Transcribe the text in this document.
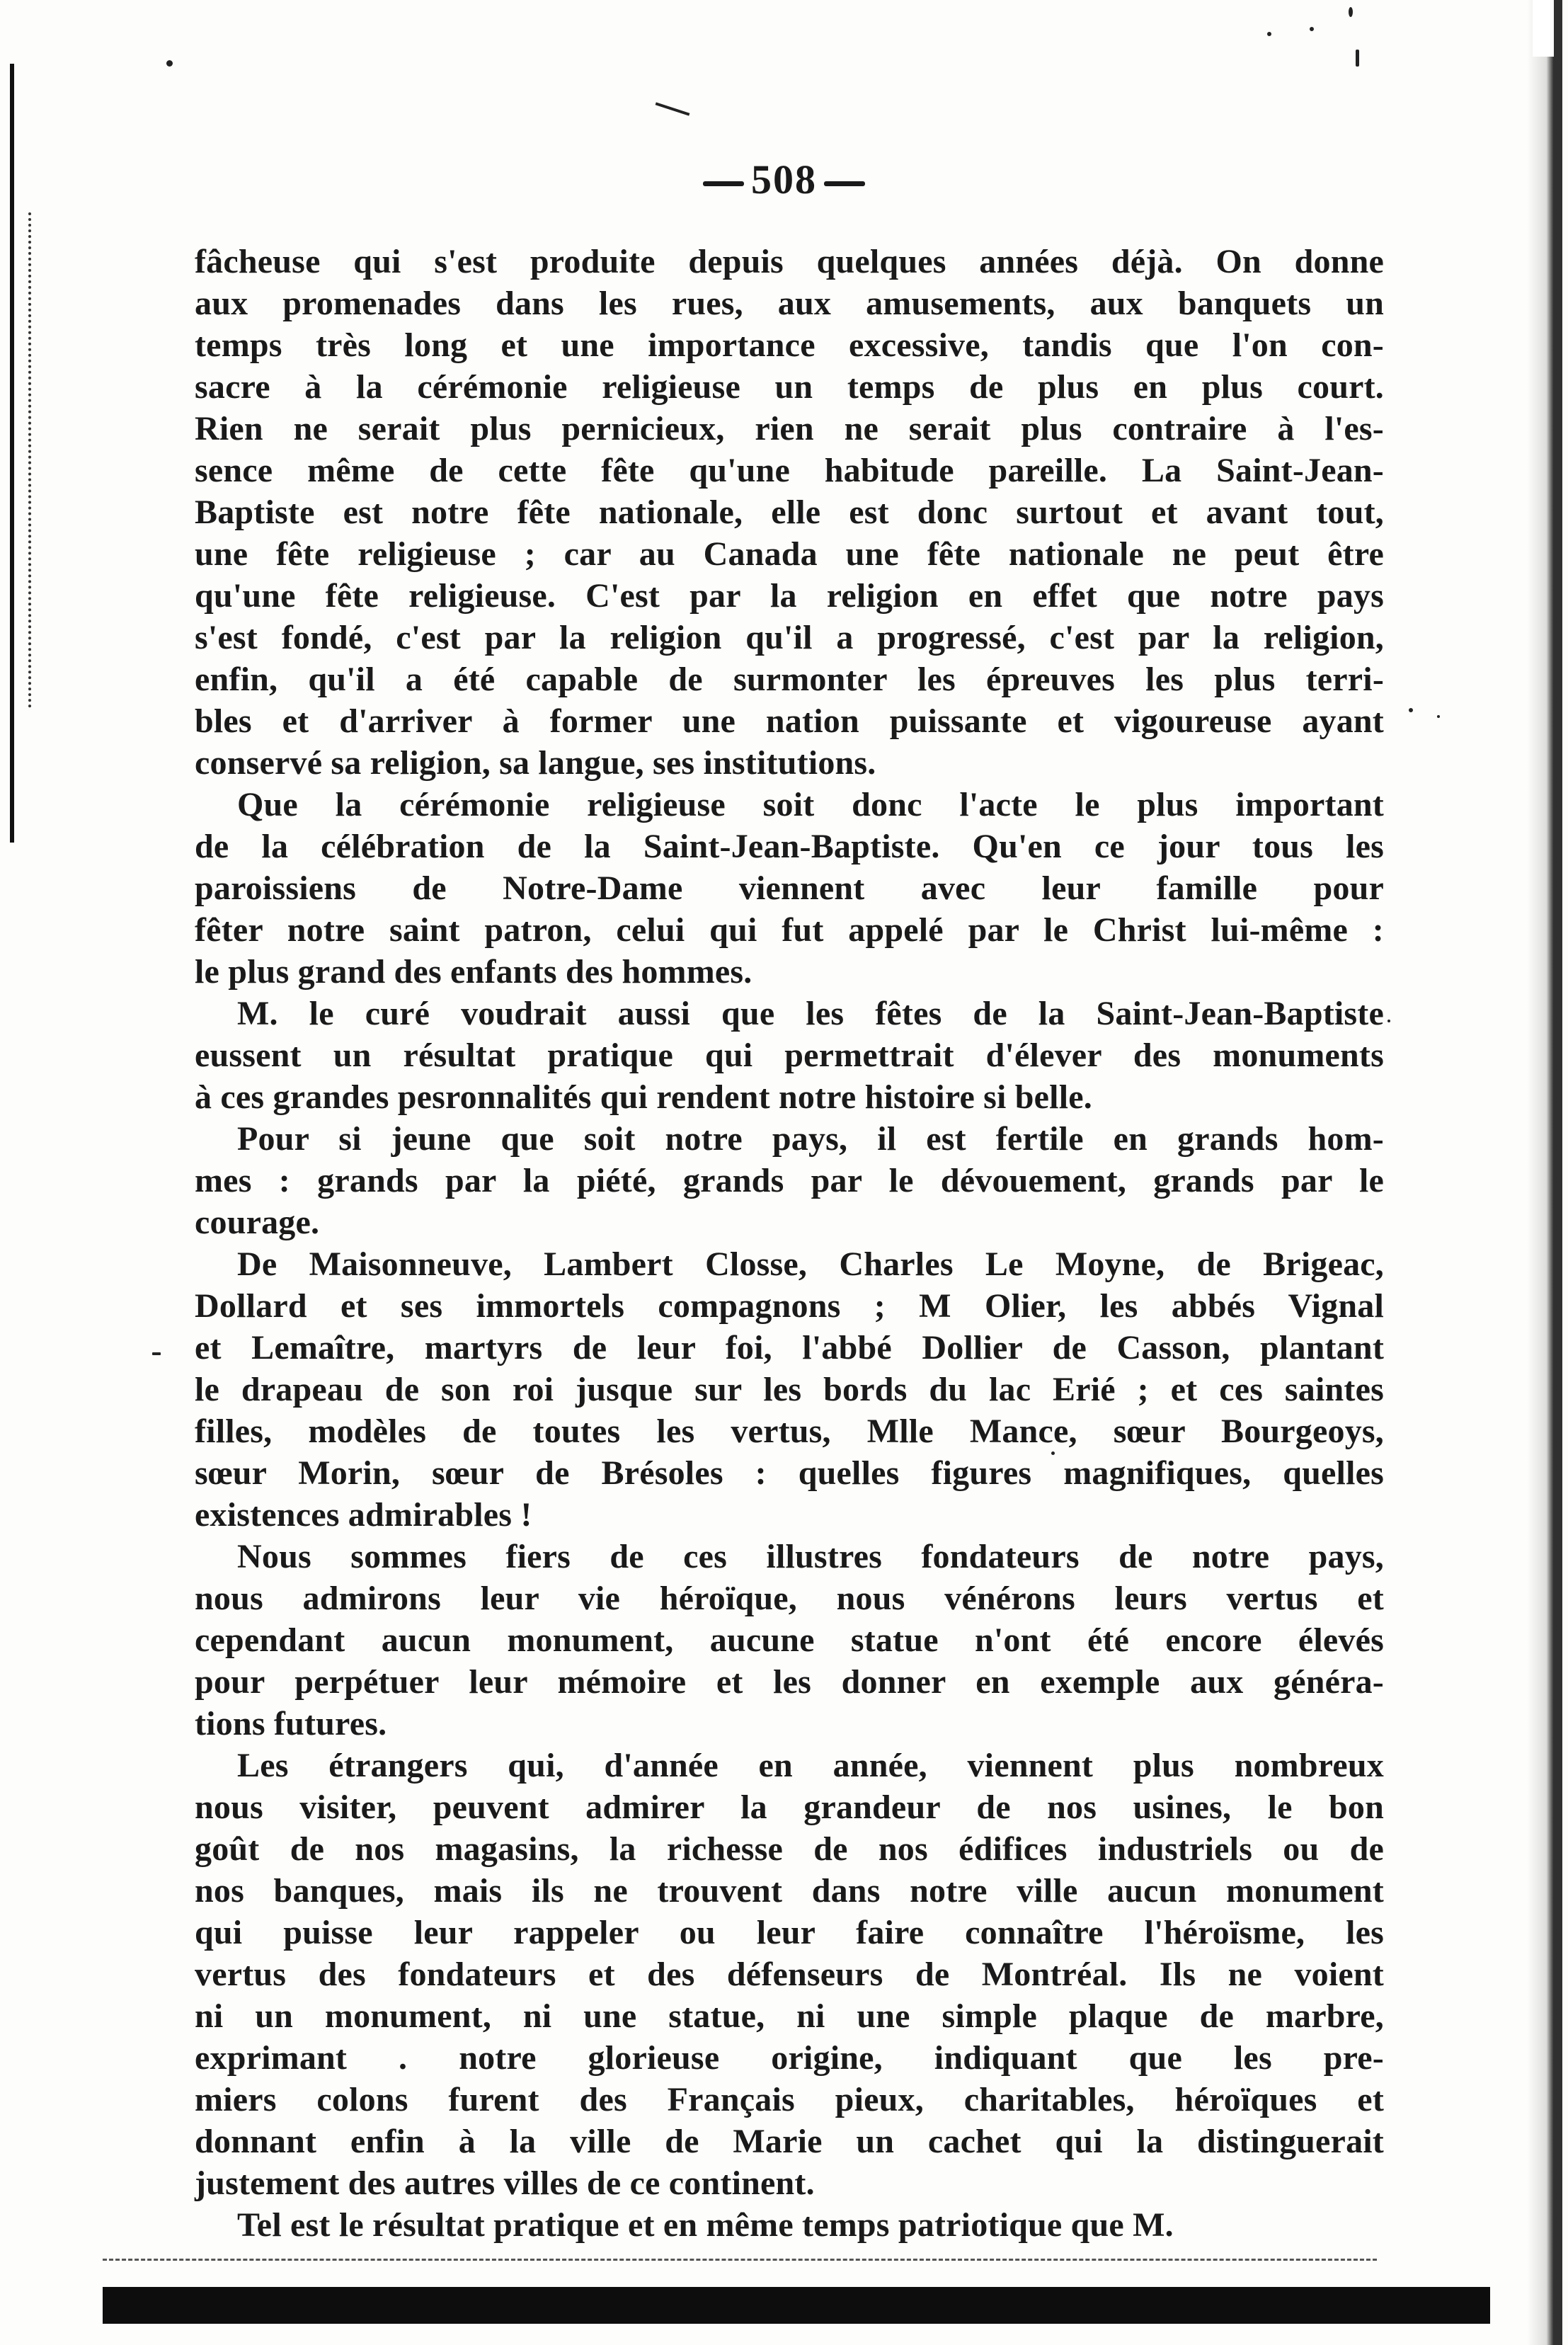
508
fâcheuse qui s'est produite depuis quelques années déjà. On donne
aux promenades dans les rues, aux amusements, aux banquets un
temps très long et une importance excessive, tandis que l'on con-
sacre à la cérémonie religieuse un temps de plus en plus court.
Rien ne serait plus pernicieux, rien ne serait plus contraire à l'es-
sence même de cette fête qu'une habitude pareille. La Saint-Jean-
Baptiste est notre fête nationale, elle est donc surtout et avant tout,
une fête religieuse ; car au Canada une fête nationale ne peut être
qu'une fête religieuse. C'est par la religion en effet que notre pays
s'est fondé, c'est par la religion qu'il a progressé, c'est par la religion,
enfin, qu'il a été capable de surmonter les épreuves les plus terri-
bles et d'arriver à former une nation puissante et vigoureuse ayant
conservé sa religion, sa langue, ses institutions.
Que la cérémonie religieuse soit donc l'acte le plus important
de la célébration de la Saint-Jean-Baptiste. Qu'en ce jour tous les
paroissiens de Notre-Dame viennent avec leur famille pour
fêter notre saint patron, celui qui fut appelé par le Christ lui-même :
le plus grand des enfants des hommes.
M. le curé voudrait aussi que les fêtes de la Saint-Jean-Baptiste
eussent un résultat pratique qui permettrait d'élever des monuments
à ces grandes pesronnalités qui rendent notre histoire si belle.
Pour si jeune que soit notre pays, il est fertile en grands hom-
mes : grands par la piété, grands par le dévouement, grands par le
courage.
De Maisonneuve, Lambert Closse, Charles Le Moyne, de Brigeac,
Dollard et ses immortels compagnons ; M Olier, les abbés Vignal
et Lemaître, martyrs de leur foi, l'abbé Dollier de Casson, plantant
le drapeau de son roi jusque sur les bords du lac Erié ; et ces saintes
filles, modèles de toutes les vertus, Mlle Mance, sœur Bourgeoys,
sœur Morin, sœur de Brésoles : quelles figures magnifiques, quelles
existences admirables !
Nous sommes fiers de ces illustres fondateurs de notre pays,
nous admirons leur vie héroïque, nous vénérons leurs vertus et
cependant aucun monument, aucune statue n'ont été encore élevés
pour perpétuer leur mémoire et les donner en exemple aux généra-
tions futures.
Les étrangers qui, d'année en année, viennent plus nombreux
nous visiter, peuvent admirer la grandeur de nos usines, le bon
goût de nos magasins, la richesse de nos édifices industriels ou de
nos banques, mais ils ne trouvent dans notre ville aucun monument
qui puisse leur rappeler ou leur faire connaître l'héroïsme, les
vertus des fondateurs et des défenseurs de Montréal. Ils ne voient
ni un monument, ni une statue, ni une simple plaque de marbre,
exprimant . notre glorieuse origine, indiquant que les pre-
miers colons furent des Français pieux, charitables, héroïques et
donnant enfin à la ville de Marie un cachet qui la distinguerait
justement des autres villes de ce continent.
Tel est le résultat pratique et en même temps patriotique que M.
